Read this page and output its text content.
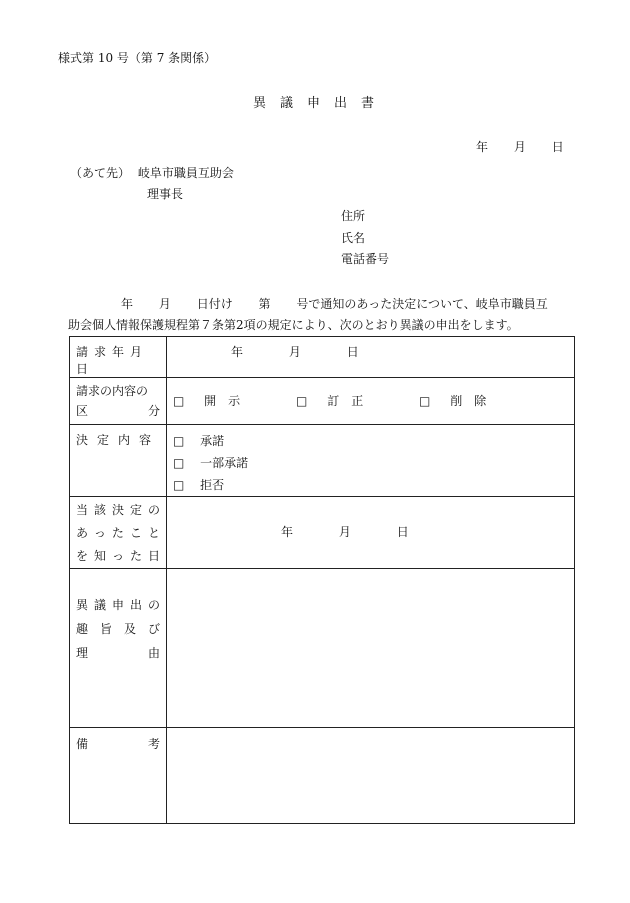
様式第 10 号（第 7 条関係）
異議申出書
年 月 日
（あて先） 岐阜市職員互助会
理事長
住所
氏名
電話番号
年 月 日付け 第 号で通知のあった決定について、岐阜市職員互
助会個人情報保護規程第７条第2項の規定により、次のとおり異議の申出をします。
請求年月日	年 月 日

請求の内容の
区 分	□ 開　示 □ 訂　正 □ 削　除

決定内容	□ 承諾
□ 一部承諾
□ 拒否

当該決定の
あったこと
を知った日	年 月 日

異議申出の
趣旨及び
理 由	

備 考	
